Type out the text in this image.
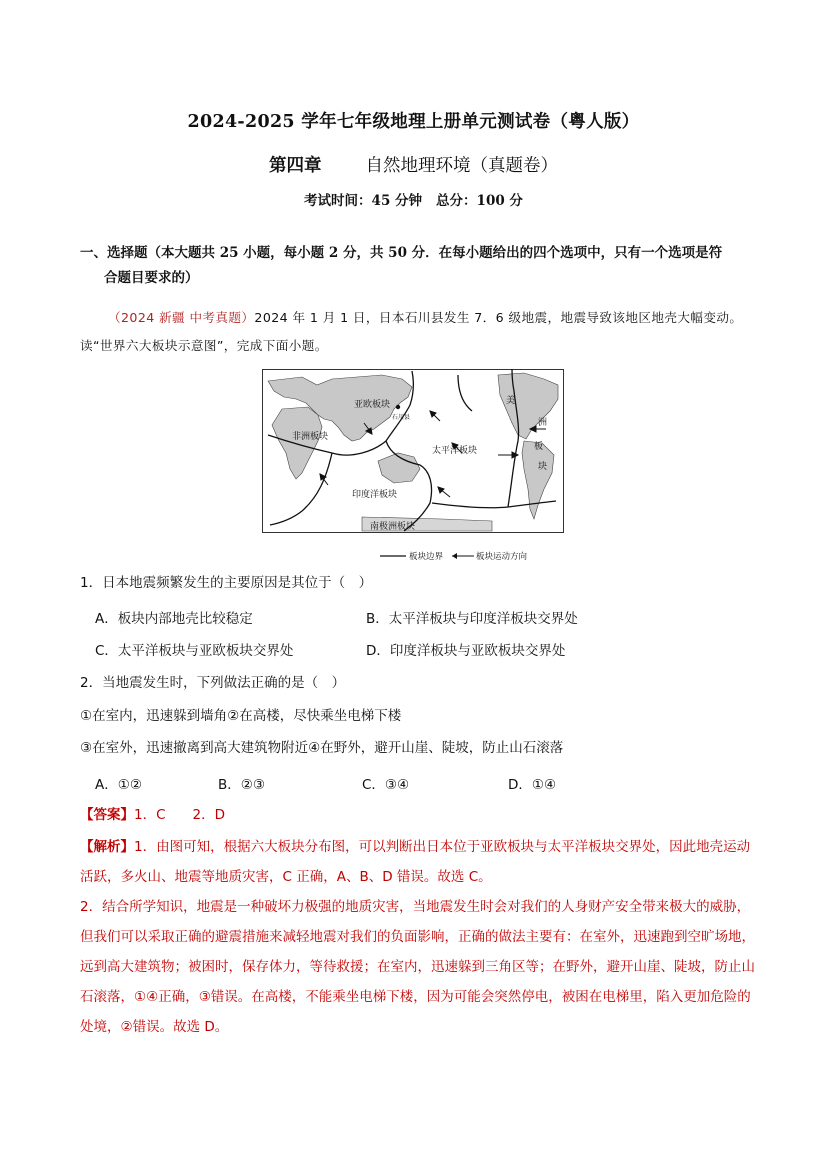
2024-2025 学年七年级地理上册单元测试卷（粤人版）
第四章	自然地理环境（真题卷）
考试时间：45 分钟 总分：100 分
一、选择题（本大题共 25 小题，每小题 2 分，共 50 分．在每小题给出的四个选项中，只有一个选项是符
合题目要求的）
（2024 新疆 中考真题）2024 年 1 月 1 日，日本石川县发生 7．6 级地震，地震导致该地区地壳大幅变动。读“世界六大板块示意图”，完成下面小题。
亚欧板块
非洲板块
石川县
太平洋板块
印度洋板块
南极洲板块
美
洲
板
块
板块边界	板块运动方向
1．日本地震频繁发生的主要原因是其位于（　）
A．板块内部地壳比较稳定	B．太平洋板块与印度洋板块交界处
C．太平洋板块与亚欧板块交界处	D．印度洋板块与亚欧板块交界处
2．当地震发生时，下列做法正确的是（　）
①在室内，迅速躲到墙角②在高楼，尽快乘坐电梯下楼
③在室外，迅速撤离到高大建筑物附近④在野外，避开山崖、陡坡，防止山石滚落
A．①②	B．②③	C．③④	D．①④
【答案】1．C　　2．D
【解析】1．由图可知，根据六大板块分布图，可以判断出日本位于亚欧板块与太平洋板块交界处，因此地壳运动活跃，多火山、地震等地质灾害，C 正确，A、B、D 错误。故选 C。
2．结合所学知识，地震是一种破坏力极强的地质灾害，当地震发生时会对我们的人身财产安全带来极大的威胁，但我们可以采取正确的避震措施来减轻地震对我们的负面影响，正确的做法主要有：在室外，迅速跑到空旷场地，远到高大建筑物；被困时，保存体力，等待救援；在室内，迅速躲到三角区等；在野外，避开山崖、陡坡，防止山石滚落，①④正确，③错误。在高楼，不能乘坐电梯下楼，因为可能会突然停电，被困在电梯里，陷入更加危险的处境，②错误。故选 D。
